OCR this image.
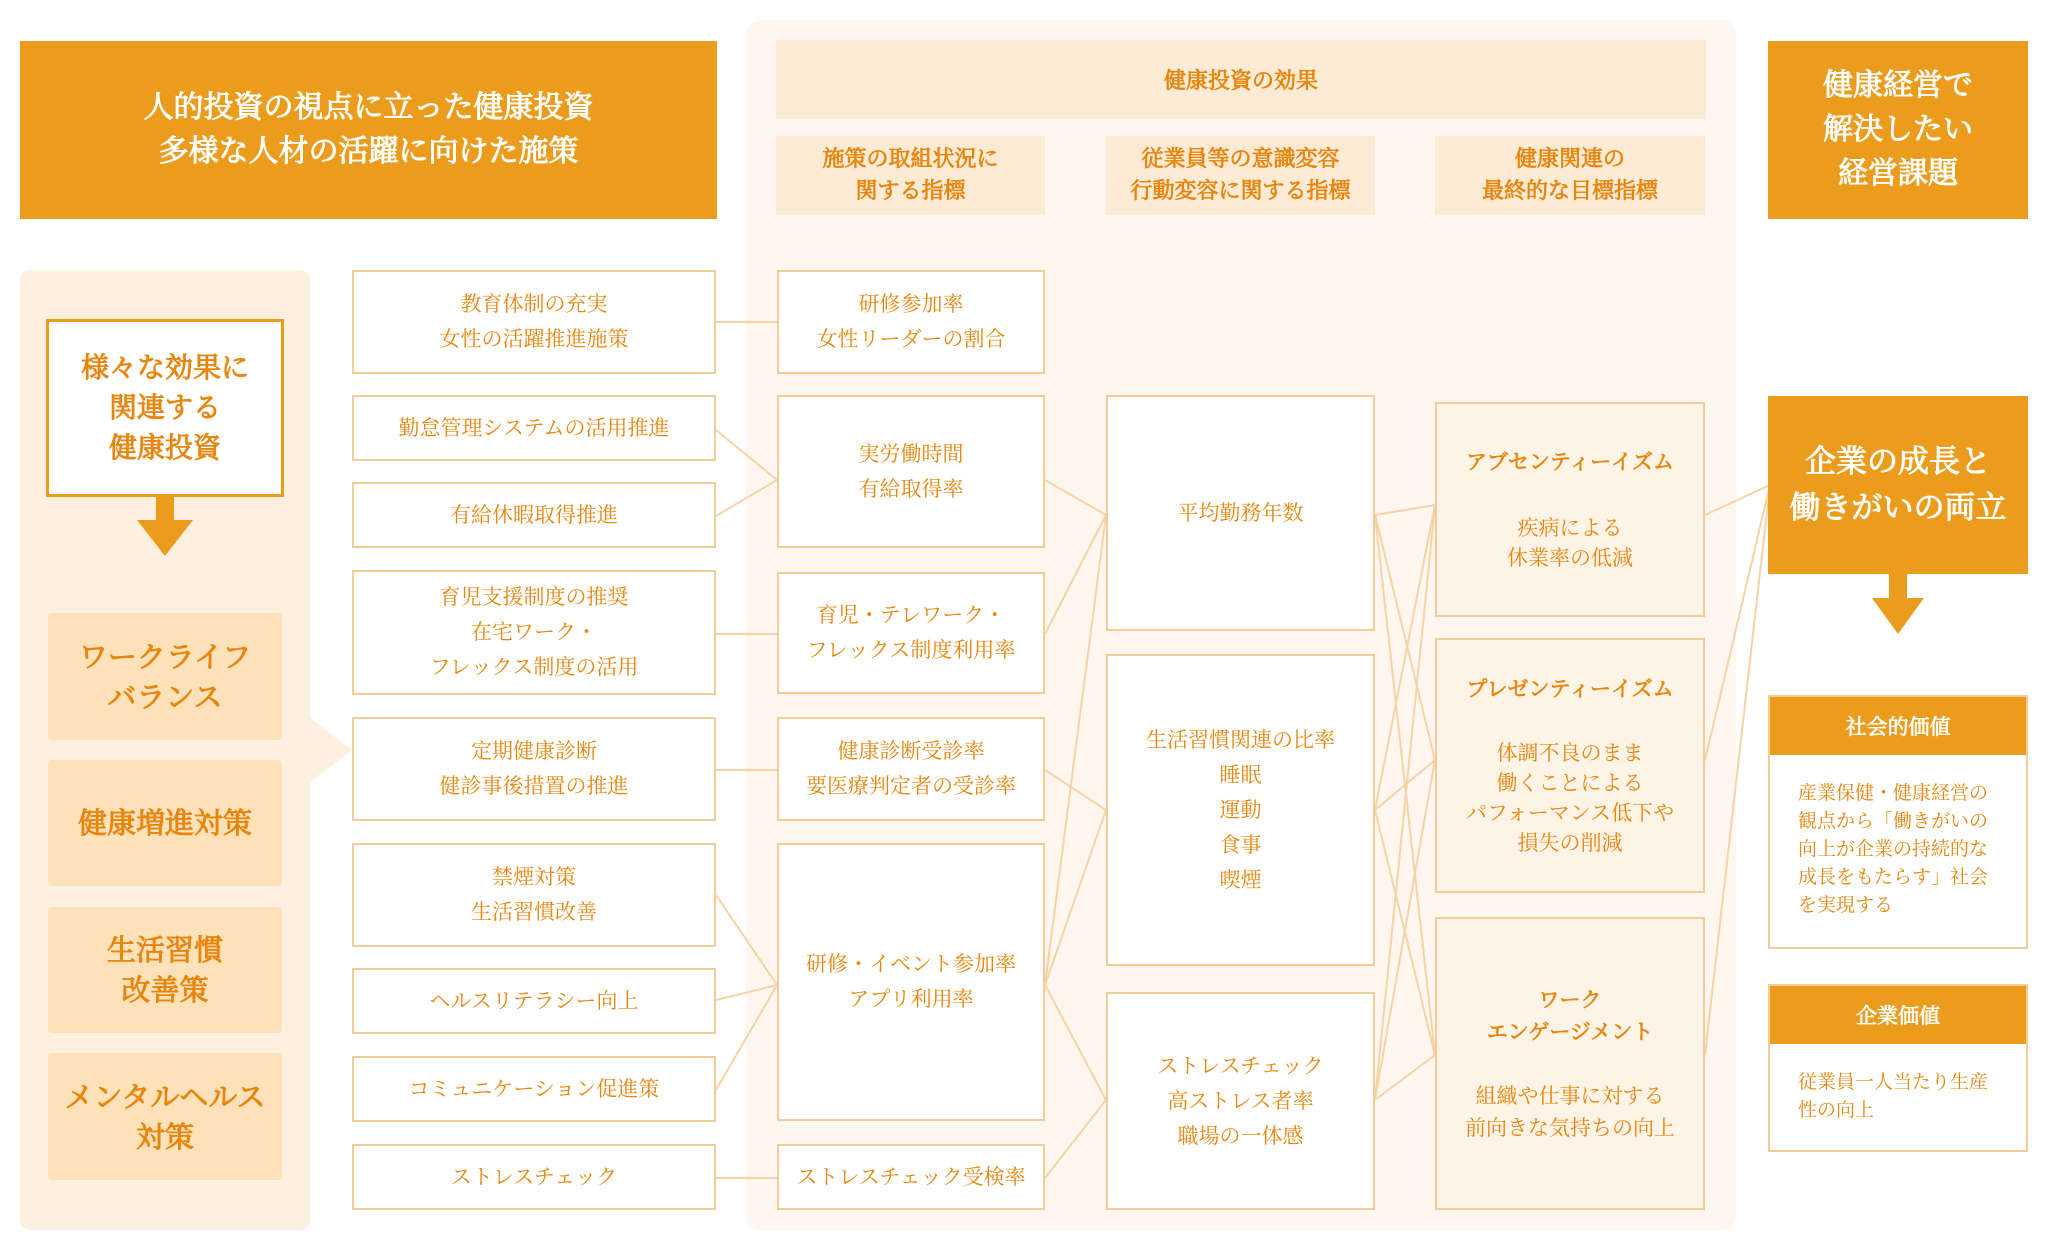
人的投資の視点に立った健康投資
多様な人材の活躍に向けた施策
健康投資の効果
施策の取組状況に
関する指標
従業員等の意識変容
行動変容に関する指標
健康関連の
最終的な目標指標
健康経営で
解決したい
経営課題
様々な効果に
関連する
健康投資
ワークライフ
バランス
健康増進対策
生活習慣
改善策
メンタルヘルス
対策
教育体制の充実
女性の活躍推進施策
勤怠管理システムの活用推進
有給休暇取得推進
育児支援制度の推奨
在宅ワーク・
フレックス制度の活用
定期健康診断
健診事後措置の推進
禁煙対策
生活習慣改善
ヘルスリテラシー向上
コミュニケーション促進策
ストレスチェック
研修参加率
女性リーダーの割合
実労働時間
有給取得率
育児・テレワーク・
フレックス制度利用率
健康診断受診率
要医療判定者の受診率
研修・イベント参加率
アプリ利用率
ストレスチェック受検率
平均勤務年数
生活習慣関連の比率
睡眠
運動
食事
喫煙
ストレスチェック
高ストレス者率
職場の一体感
アブセンティーイズム
疾病による
休業率の低減
プレゼンティーイズム
体調不良のまま
働くことによる
パフォーマンス低下や
損失の削減
ワーク
エンゲージメント
組織や仕事に対する
前向きな気持ちの向上
企業の成長と
働きがいの両立
社会的価値
産業保健・健康経営の
観点から「働きがいの
向上が企業の持続的な
成長をもたらす」社会
を実現する
企業価値
従業員一人当たり生産
性の向上
